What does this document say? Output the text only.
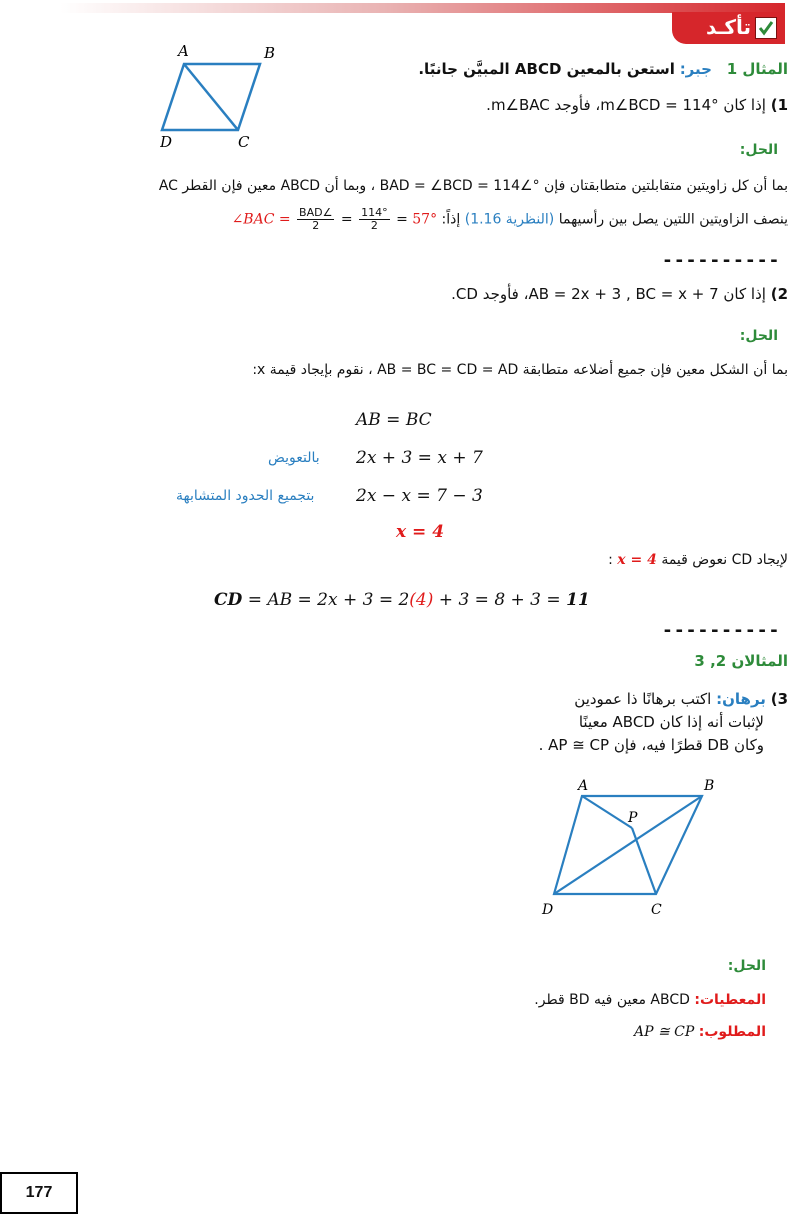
تأكـد
A	B
C
D
المثال 1 جبر: استعن بالمعين ABCD المبيَّن جانبًا.
1) إذا كان °m∠BCD = 114، فأوجد m∠BAC.
الحل:
بما أن كل زاويتين متقابلتين متطابقتان فإن °∠BAD = ∠BCD = 114 ، وبما أن ABCD معين فإن القطر AC
ينصف الزاويتين اللتين يصل بين رأسيهما (النظرية 1.16) إذاً: 57° =
$\frac{114^\circ}{2}$
=
$\frac{\text{∠BAD}}{2}$
∠BAC =
----------
2) إذا كان AB = 2x + 3 , BC = x + 7، فأوجد CD.
الحل:
بما أن الشكل معين فإن جميع أضلاعه متطابقة AB = BC = CD = AD ، نقوم بإيجاد قيمة x:
AB = BC
2x + 3 = x + 7
بالتعويض
2x − x = 7 − 3
بتجميع الحدود المتشابهة
x = 4
لإيجاد CD نعوض قيمة x = 4 :
CD = AB = 2x + 3 = 2(4) + 3 = 8 + 3 = 11
----------
المثالان 2, 3
3) برهان: اكتب برهانًا ذا عمودين
لإثبات أنه إذا كان ABCD معينًا
وكان DB قطرًا فيه، فإن AP ≅ CP .
A	B
C
D
P
الحل:
المعطيات: ABCD معين فيه BD قطر.
المطلوب: AP ≅ CP
177
